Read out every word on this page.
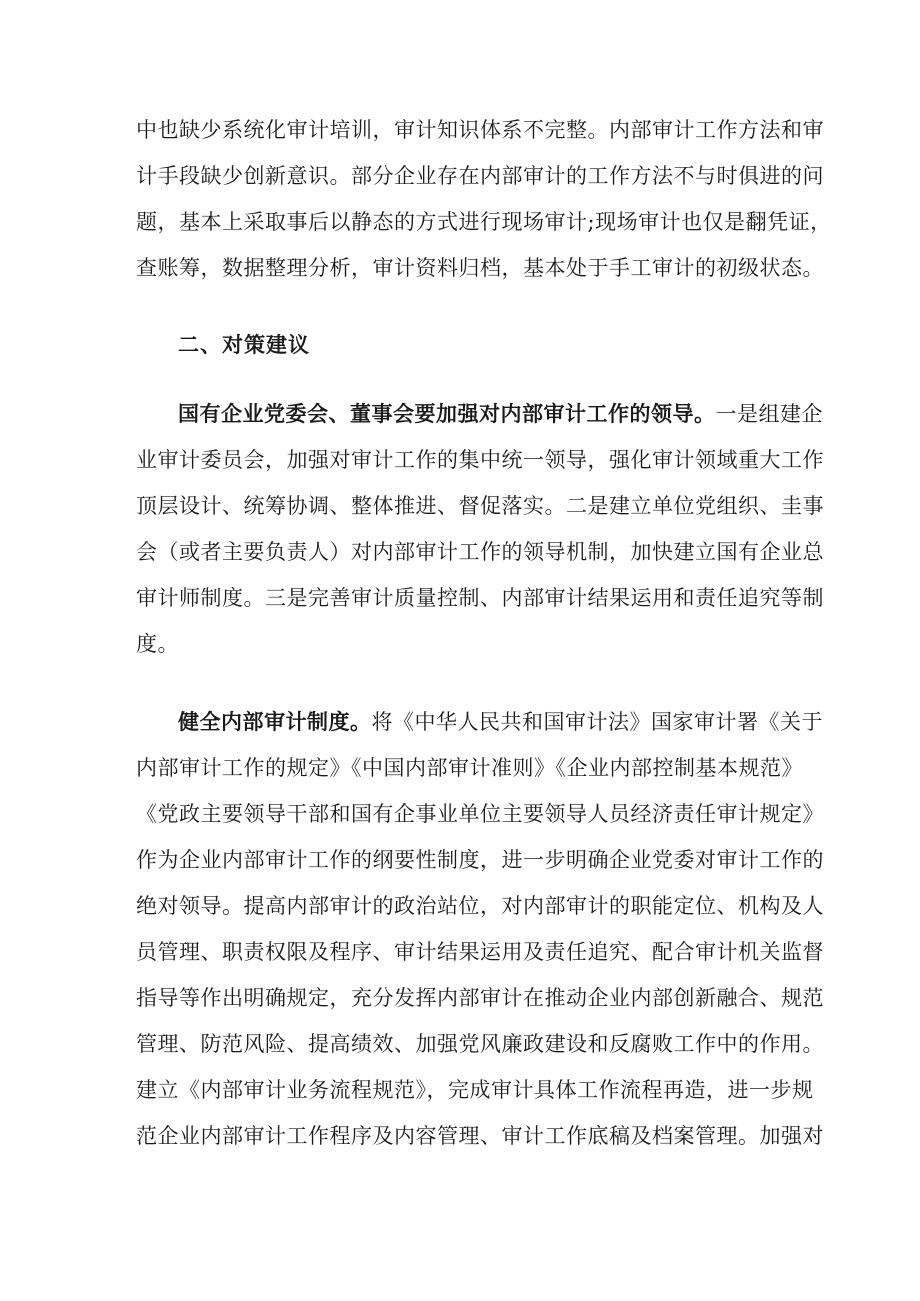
中也缺少系统化审计培训，审计知识体系不完整。内部审计工作方法和审
计手段缺少创新意识。部分企业存在内部审计的工作方法不与时俱进的问
题，基本上采取事后以静态的方式进行现场审计;现场审计也仅是翻凭证，
查账筹，数据整理分析，审计资料归档，基本处于手工审计的初级状态。
二、对策建议
国有企业党委会、董事会要加强对内部审计工作的领导。一是组建企
业审计委员会，加强对审计工作的集中统一领导，强化审计领域重大工作
顶层设计、统筹协调、整体推进、督促落实。二是建立单位党组织、圭事
会（或者主要负责人）对内部审计工作的领导机制，加快建立国有企业总
审计师制度。三是完善审计质量控制、内部审计结果运用和责任追究等制
度。
健全内部审计制度。将《中华人民共和国审计法》国家审计署《关于
内部审计工作的规定》《中国内部审计准则》《企业内部控制基本规范》
《党政主要领导干部和国有企事业单位主要领导人员经济责任审计规定》
作为企业内部审计工作的纲要性制度，进一步明确企业党委对审计工作的
绝对领导。提高内部审计的政治站位，对内部审计的职能定位、机构及人
员管理、职责权限及程序、审计结果运用及责任追究、配合审计机关监督
指导等作出明确规定，充分发挥内部审计在推动企业内部创新融合、规范
管理、防范风险、提高绩效、加强党风廉政建设和反腐败工作中的作用。
建立《内部审计业务流程规范》，完成审计具体工作流程再造，进一步规
范企业内部审计工作程序及内容管理、审计工作底稿及档案管理。加强对
